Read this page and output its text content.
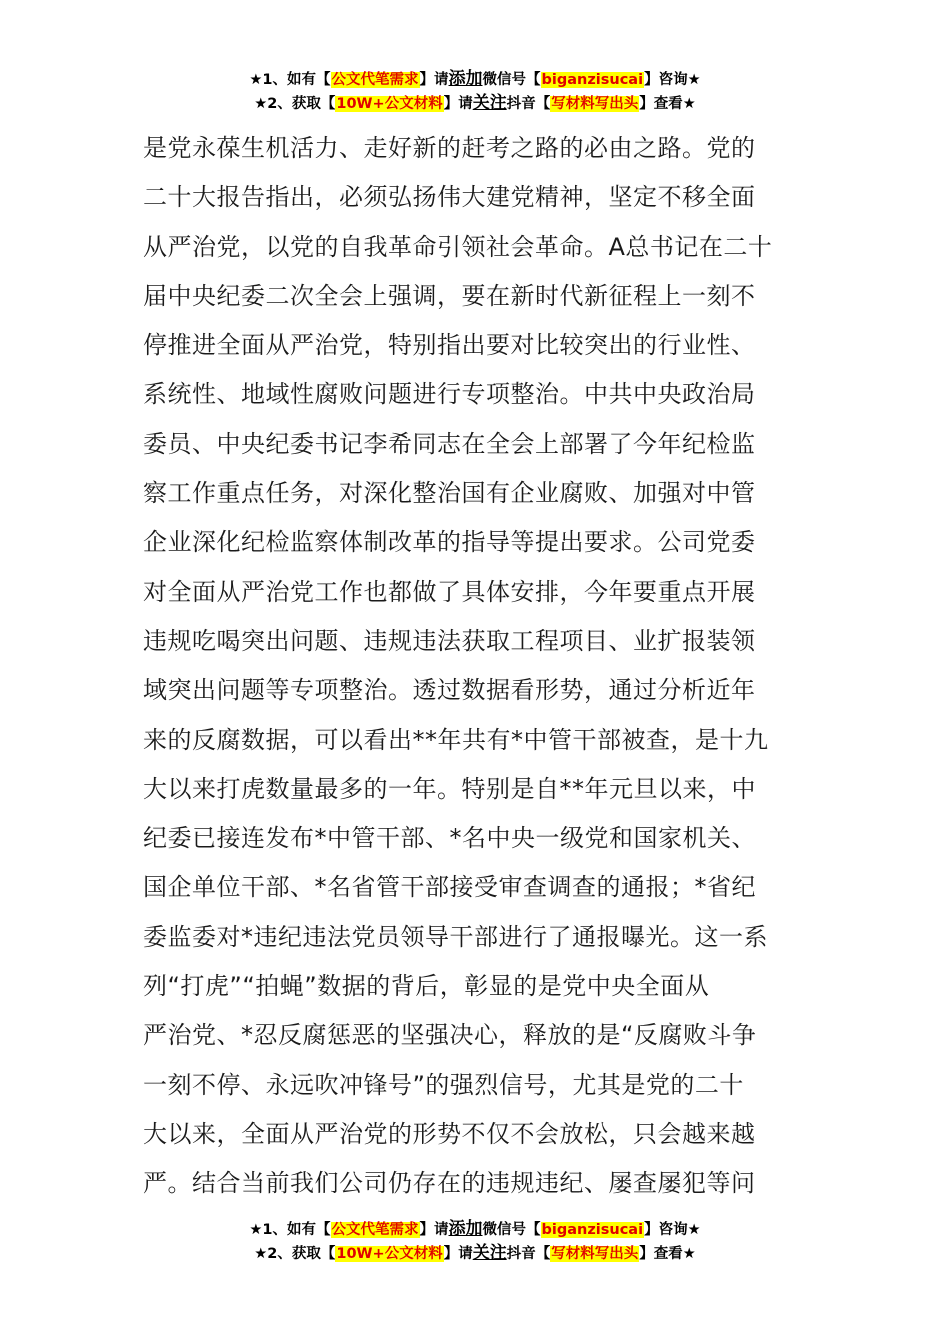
★1、如有【公文代笔需求】请添加微信号【biganzisucai】咨询★
★2、获取【10W+公文材料】请关注抖音【写材料写出头】查看★
是党永葆生机活力、走好新的赶考之路的必由之路。党的
二十大报告指出，必须弘扬伟大建党精神，坚定不移全面
从严治党，以党的自我革命引领社会革命。A总书记在二十
届中央纪委二次全会上强调，要在新时代新征程上一刻不
停推进全面从严治党，特别指出要对比较突出的行业性、
系统性、地域性腐败问题进行专项整治。中共中央政治局
委员、中央纪委书记李希同志在全会上部署了今年纪检监
察工作重点任务，对深化整治国有企业腐败、加强对中管
企业深化纪检监察体制改革的指导等提出要求。公司党委
对全面从严治党工作也都做了具体安排，今年要重点开展
违规吃喝突出问题、违规违法获取工程项目、业扩报装领
域突出问题等专项整治。透过数据看形势，通过分析近年
来的反腐数据，可以看出**年共有*中管干部被查，是十九
大以来打虎数量最多的一年。特别是自**年元旦以来，中
纪委已接连发布*中管干部、*名中央一级党和国家机关、
国企单位干部、*名省管干部接受审查调查的通报；*省纪
委监委对*违纪违法党员领导干部进行了通报曝光。这一系
列“打虎”“拍蝇”数据的背后，彰显的是党中央全面从
严治党、*忍反腐惩恶的坚强决心，释放的是“反腐败斗争
一刻不停、永远吹冲锋号”的强烈信号，尤其是党的二十
大以来，全面从严治党的形势不仅不会放松，只会越来越
严。结合当前我们公司仍存在的违规违纪、屡查屡犯等问
★1、如有【公文代笔需求】请添加微信号【biganzisucai】咨询★
★2、获取【10W+公文材料】请关注抖音【写材料写出头】查看★
